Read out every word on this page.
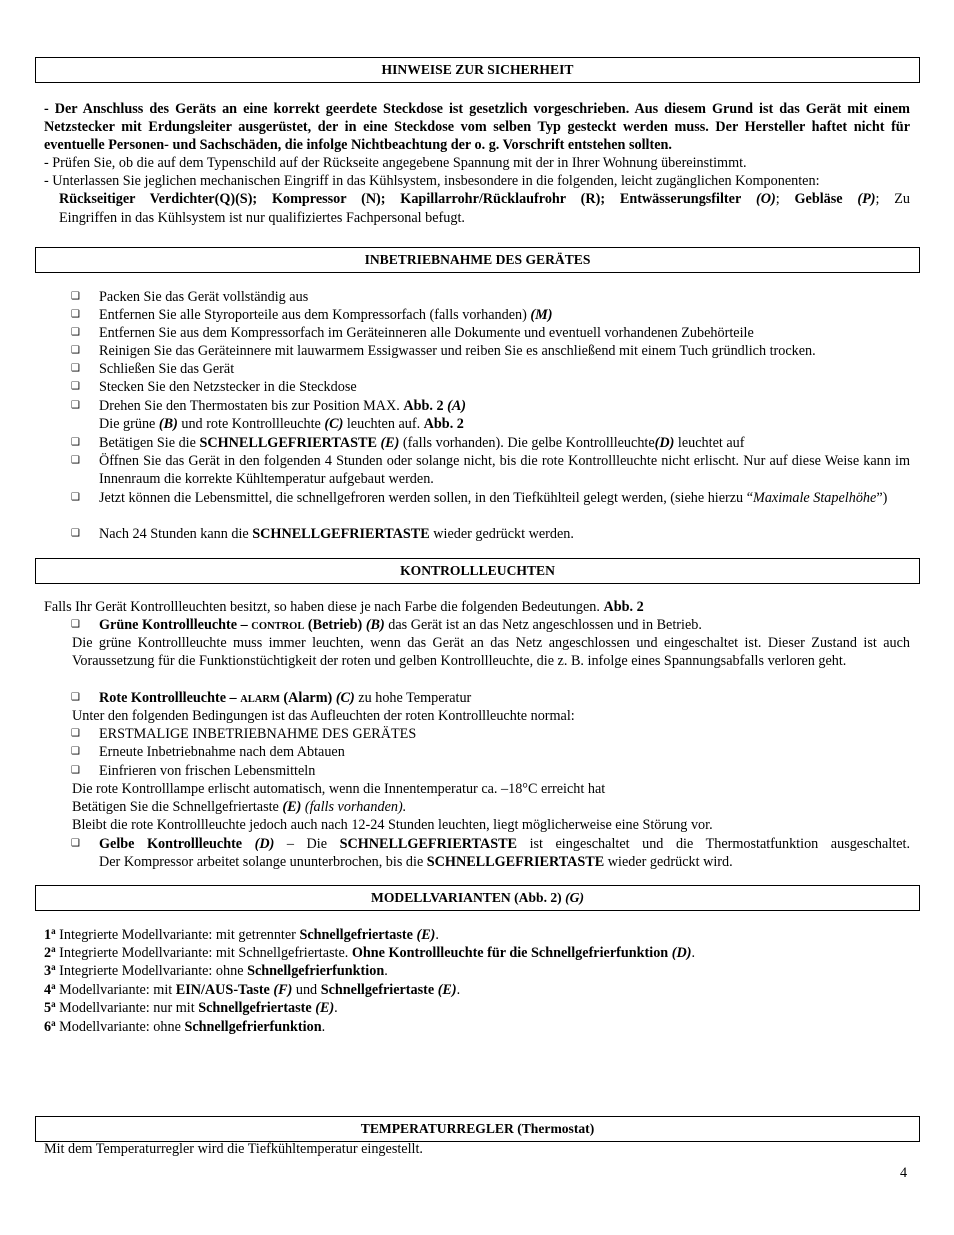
HINWEISE ZUR SICHERHEIT
- Der Anschluss des Geräts an eine korrekt geerdete Steckdose ist gesetzlich vorgeschrieben. Aus diesem Grund ist das Gerät mit einem Netzstecker mit Erdungsleiter ausgerüstet, der in eine Steckdose vom selben Typ gesteckt werden muss. Der Hersteller haftet nicht für eventuelle Personen- und Sachschäden, die infolge Nichtbeachtung der o. g. Vorschrift entstehen sollten.
- Prüfen Sie, ob die auf dem Typenschild auf der Rückseite angegebene Spannung mit der in Ihrer Wohnung übereinstimmt.
- Unterlassen Sie jeglichen mechanischen Eingriff in das Kühlsystem, insbesondere in die folgenden, leicht zugänglichen Komponenten:
Rückseitiger Verdichter(Q)(S); Kompressor (N); Kapillarrohr/Rücklaufrohr (R); Entwässerungsfilter (O); Gebläse (P); Zu
Eingriffen in das Kühlsystem ist nur qualifiziertes Fachpersonal befugt.
INBETRIEBNAHME DES GERÄTES
❑ Packen Sie das Gerät vollständig aus
❑ Entfernen Sie alle Styroporteile aus dem Kompressorfach (falls vorhanden) (M)
❑ Entfernen Sie aus dem Kompressorfach im Geräteinneren alle Dokumente und eventuell vorhandenen Zubehörteile
❑ Reinigen Sie das Geräteinnere mit lauwarmem Essigwasser und reiben Sie es anschließend mit einem Tuch gründlich trocken.
❑ Schließen Sie das Gerät
❑ Stecken Sie den Netzstecker in die Steckdose
❑ Drehen Sie den Thermostaten bis zur Position MAX. Abb. 2 (A)
Die grüne (B) und rote Kontrollleuchte (C) leuchten auf. Abb. 2
❑ Betätigen Sie die SCHNELLGEFRIERTASTE (E) (falls vorhanden). Die gelbe Kontrollleuchte(D) leuchtet auf
❑ Öffnen Sie das Gerät in den folgenden 4 Stunden oder solange nicht, bis die rote Kontrollleuchte nicht erlischt. Nur auf diese Weise kann im Innenraum die korrekte Kühltemperatur aufgebaut werden.
❑ Jetzt können die Lebensmittel, die schnellgefroren werden sollen, in den Tiefkühlteil gelegt werden, (siehe hierzu “Maximale Stapelhöhe”)
❑ Nach 24 Stunden kann die SCHNELLGEFRIERTASTE wieder gedrückt werden.
KONTROLLLEUCHTEN
Falls Ihr Gerät Kontrollleuchten besitzt, so haben diese je nach Farbe die folgenden Bedeutungen. Abb. 2
❑ Grüne Kontrollleuchte – CONTROL (Betrieb) (B) das Gerät ist an das Netz angeschlossen und in Betrieb.
Die grüne Kontrollleuchte muss immer leuchten, wenn das Gerät an das Netz angeschlossen und eingeschaltet ist. Dieser Zustand ist auch Voraussetzung für die Funktionstüchtigkeit der roten und gelben Kontrollleuchte, die z. B. infolge eines Spannungsabfalls verloren geht.
❑ Rote Kontrollleuchte – ALARM (Alarm) (C) zu hohe Temperatur
Unter den folgenden Bedingungen ist das Aufleuchten der roten Kontrollleuchte normal:
❑ ERSTMALIGE INBETRIEBNAHME DES GERÄTES
❑ Erneute Inbetriebnahme nach dem Abtauen
❑ Einfrieren von frischen Lebensmitteln
Die rote Kontrolllampe erlischt automatisch, wenn die Innentemperatur ca. –18°C erreicht hat
Betätigen Sie die Schnellgefriertaste (E) (falls vorhanden).
Bleibt die rote Kontrollleuchte jedoch auch nach 12-24 Stunden leuchten, liegt möglicherweise eine Störung vor.
❑ Gelbe Kontrollleuchte (D) – Die SCHNELLGEFRIERTASTE ist eingeschaltet und die Thermostatfunktion ausgeschaltet.
Der Kompressor arbeitet solange ununterbrochen, bis die SCHNELLGEFRIERTASTE wieder gedrückt wird.
MODELLVARIANTEN (Abb. 2) (G)
1$^a$ Integrierte Modellvariante: mit getrennter Schnellgefriertaste (E).
2$^a$ Integrierte Modellvariante: mit Schnellgefriertaste. Ohne Kontrollleuchte für die Schnellgefrierfunktion (D).
3$^a$ Integrierte Modellvariante: ohne Schnellgefrierfunktion.
4$^a$ Modellvariante: mit EIN/AUS-Taste (F) und Schnellgefriertaste (E).
5$^a$ Modellvariante: nur mit Schnellgefriertaste (E).
6$^a$ Modellvariante: ohne Schnellgefrierfunktion.
TEMPERATURREGLER (Thermostat)
Mit dem Temperaturregler wird die Tiefkühltemperatur eingestellt.
4
